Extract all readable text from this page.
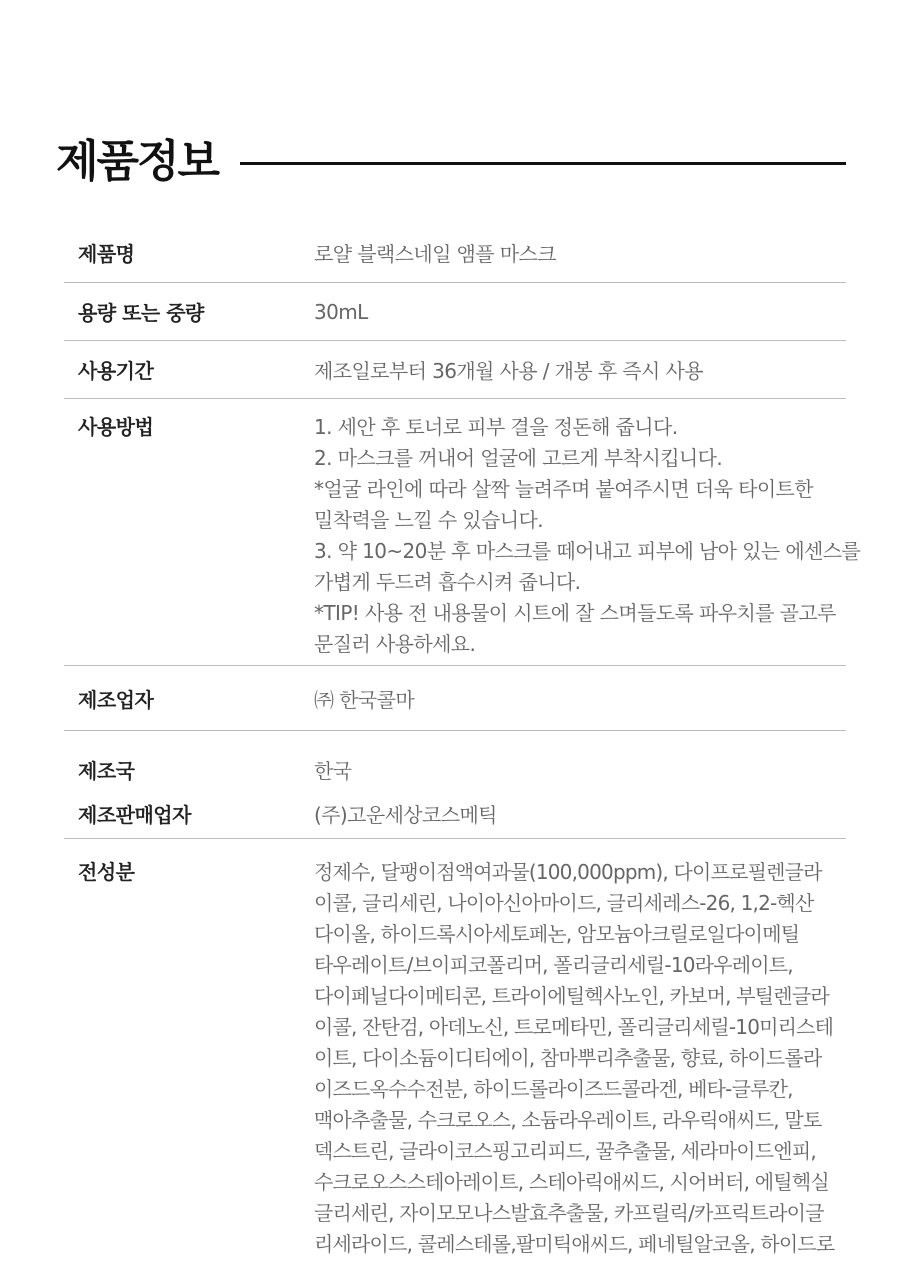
제품정보
제품명	로얄 블랙스네일 앰플 마스크
용량 또는 중량	30mL
사용기간	제조일로부터 36개월 사용 / 개봉 후 즉시 사용
사용방법	1. 세안 후 토너로 피부 결을 정돈해 줍니다.
2. 마스크를 꺼내어 얼굴에 고르게 부착시킵니다.
*얼굴 라인에 따라 살짝 늘려주며 붙여주시면 더욱 타이트한
밀착력을 느낄 수 있습니다.
3. 약 10~20분 후 마스크를 떼어내고 피부에 남아 있는 에센스를
가볍게 두드려 흡수시켜 줍니다.
*TIP! 사용 전 내용물이 시트에 잘 스며들도록 파우치를 골고루
문질러 사용하세요.
제조업자	㈜ 한국콜마
제조국	한국
제조판매업자	(주)고운세상코스메틱
전성분	정제수, 달팽이점액여과물(100,000ppm), 다이프로필렌글라
이콜, 글리세린, 나이아신아마이드, 글리세레스-26, 1,2-헥산
다이올, 하이드록시아세토페논, 암모늄아크릴로일다이메틸
타우레이트/브이피코폴리머, 폴리글리세릴-10라우레이트,
다이페닐다이메티콘, 트라이에틸헥사노인, 카보머, 부틸렌글라
이콜, 잔탄검, 아데노신, 트로메타민, 폴리글리세릴-10미리스테
이트, 다이소듐이디티에이, 참마뿌리추출물, 향료, 하이드롤라
이즈드옥수수전분, 하이드롤라이즈드콜라겐, 베타-글루칸,
맥아추출물, 수크로오스, 소듐라우레이트, 라우릭애씨드, 말토
덱스트린, 글라이코스핑고리피드, 꿀추출물, 세라마이드엔피,
수크로오스스테아레이트, 스테아릭애씨드, 시어버터, 에틸헥실
글리세린, 자이모모나스발효추출물, 카프릴릭/카프릭트라이글
리세라이드, 콜레스테롤,팔미틱애씨드, 페네틸알코올, 하이드로
